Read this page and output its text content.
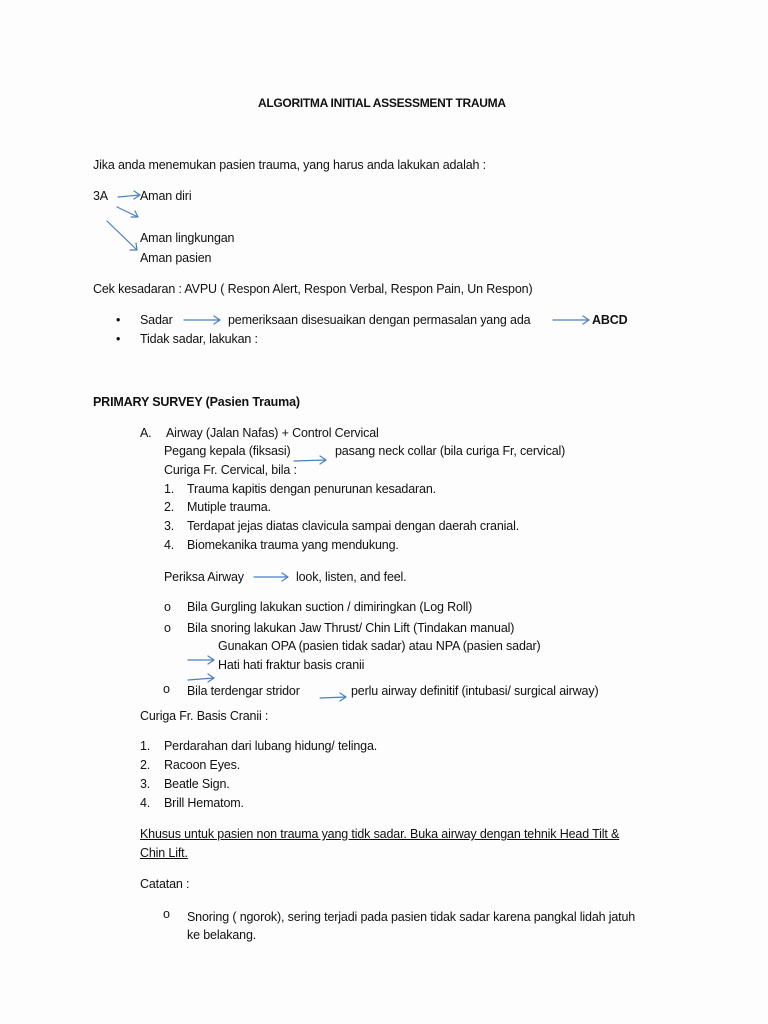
ALGORITMA INITIAL ASSESSMENT TRAUMA
Jika anda menemukan pasien trauma, yang harus anda lakukan adalah :
3A	Aman diri
Aman lingkungan
Aman pasien
Cek kesadaran : AVPU ( Respon Alert, Respon Verbal, Respon Pain, Un Respon)
• Sadar	pemeriksaan disesuaikan dengan permasalan yang ada	ABCD
• Tidak sadar, lakukan :
PRIMARY SURVEY (Pasien Trauma)
A. Airway (Jalan Nafas) + Control Cervical
Pegang kepala (fiksasi)	pasang neck collar (bila curiga Fr, cervical)
Curiga Fr. Cervical, bila :
1. Trauma kapitis dengan penurunan kesadaran.
2. Mutiple trauma.
3. Terdapat jejas diatas clavicula sampai dengan daerah cranial.
4. Biomekanika trauma yang mendukung.
Periksa Airway	look, listen, and feel.
o Bila Gurgling lakukan suction / dimiringkan (Log Roll)
o Bila snoring lakukan Jaw Thrust/ Chin Lift (Tindakan manual)
Gunakan OPA (pasien tidak sadar) atau NPA (pasien sadar)
Hati hati fraktur basis cranii
o Bila terdengar stridor	perlu airway definitif (intubasi/ surgical airway)
Curiga Fr. Basis Cranii :
1. Perdarahan dari lubang hidung/ telinga.
2. Racoon Eyes.
3. Beatle Sign.
4. Brill Hematom.
Khusus untuk pasien non trauma yang tidk sadar. Buka airway dengan tehnik Head Tilt &
Chin Lift.
Catatan :
o Snoring ( ngorok), sering terjadi pada pasien tidak sadar karena pangkal lidah jatuh
ke belakang.
